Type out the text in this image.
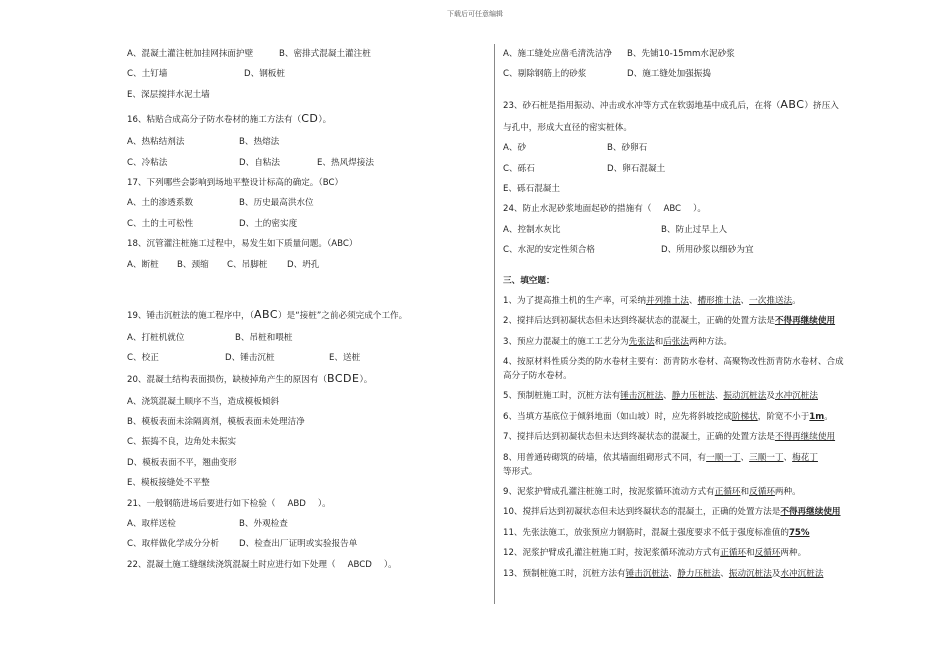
下载后可任意编辑
A、混凝土灌注桩加挂网抹面护壁	B、密排式混凝土灌注桩
C、土钉墙	D、钢板桩
E、深层搅拌水泥土墙
16、粘贴合成高分子防水卷材的施工方法有（CD）。
A、热粘结剂法	B、热熔法
C、冷粘法	D、自粘法	E、热风焊接法
17、下列哪些会影响到场地平整设计标高的确定。（BC）
A、土的渗透系数	B、历史最高洪水位
C、土的土可松性	D、土的密实度
18、沉管灌注桩施工过程中，易发生如下质量问题。（ABC）
A、断桩 B、颈缩 C、吊脚桩 D、坍孔
19、锤击沉桩法的施工程序中，（ABC）是“接桩”之前必须完成个工作。
A、打桩机就位	B、吊桩和喂桩
C、校正	D、锤击沉桩	E、送桩
20、混凝土结构表面损伤，缺棱掉角产生的原因有（BCDE）。
A、浇筑混凝土顺序不当，造成模板倾斜
B、模板表面未涂隔离剂，模板表面未处理洁净
C、振捣不良，边角处未振实
D、模板表面不平，翘曲变形
E、模板接缝处不平整
21、一般钢筋进场后要进行如下检验（ ABD ）。
A、取样送检	B、外观检查
C、取样做化学成分分析 D、检查出厂证明或实验报告单
22、混凝土施工缝继续浇筑混凝土时应进行如下处理（ ABCD ）。
A、施工缝处应凿毛清洗洁净 B、先铺10-15mm水泥砂浆
C、剔除钢筋上的砂浆	D、施工缝处加强振捣
23、砂石桩是指用振动、冲击或水冲等方式在软弱地基中成孔后，在将（ABC）挤压入
与孔中，形成大直径的密实桩体。
A、砂	B、砂卵石
C、砾石	D、卵石混凝土
E、砾石混凝土
24、防止水泥砂浆地面起砂的措施有（ ABC ）。
A、控制水灰比	B、防止过早上人
C、水泥的安定性须合格	D、所用砂浆以细砂为宜
三、填空题：
1、为了提高推土机的生产率，可采纳并列推土法、槽形推土法、一次推送法。
2、搅拌后达到初凝状态但未达到终凝状态的混凝土，正确的处置方法是不得再继续使用
3、预应力混凝土的施工工艺分为先张法和后张法两种方法。
4、按原材料性质分类的防水卷材主要有：沥青防水卷材、高聚物改性沥青防水卷材、合成
高分子防水卷材。
5、预制桩施工时，沉桩方法有锤击沉桩法、静力压桩法、振动沉桩法及水冲沉桩法
6、当填方基底位于倾斜地面（如山坡）时，应先将斜坡挖成阶梯状，阶宽不小于1m。
7、搅拌后达到初凝状态但未达到终凝状态的混凝土，正确的处置方法是不得再继续使用
8、用普通砖砌筑的砖墙，依其墙面组砌形式不同，有一顺一丁、三顺一丁、梅花丁
等形式。
9、泥浆护臂成孔灌注桩施工时，按泥浆循环流动方式有正循环和反循环两种。
10、搅拌后达到初凝状态但未达到终凝状态的混凝土，正确的处置方法是不得再继续使用
11、先张法施工，放张预应力钢筋时，混凝土强度要求不低于强度标准值的75%
12、泥浆护臂成孔灌注桩施工时，按泥浆循环流动方式有正循环和反循环两种。
13、预制桩施工时，沉桩方法有锤击沉桩法、静力压桩法、振动沉桩法及水冲沉桩法
